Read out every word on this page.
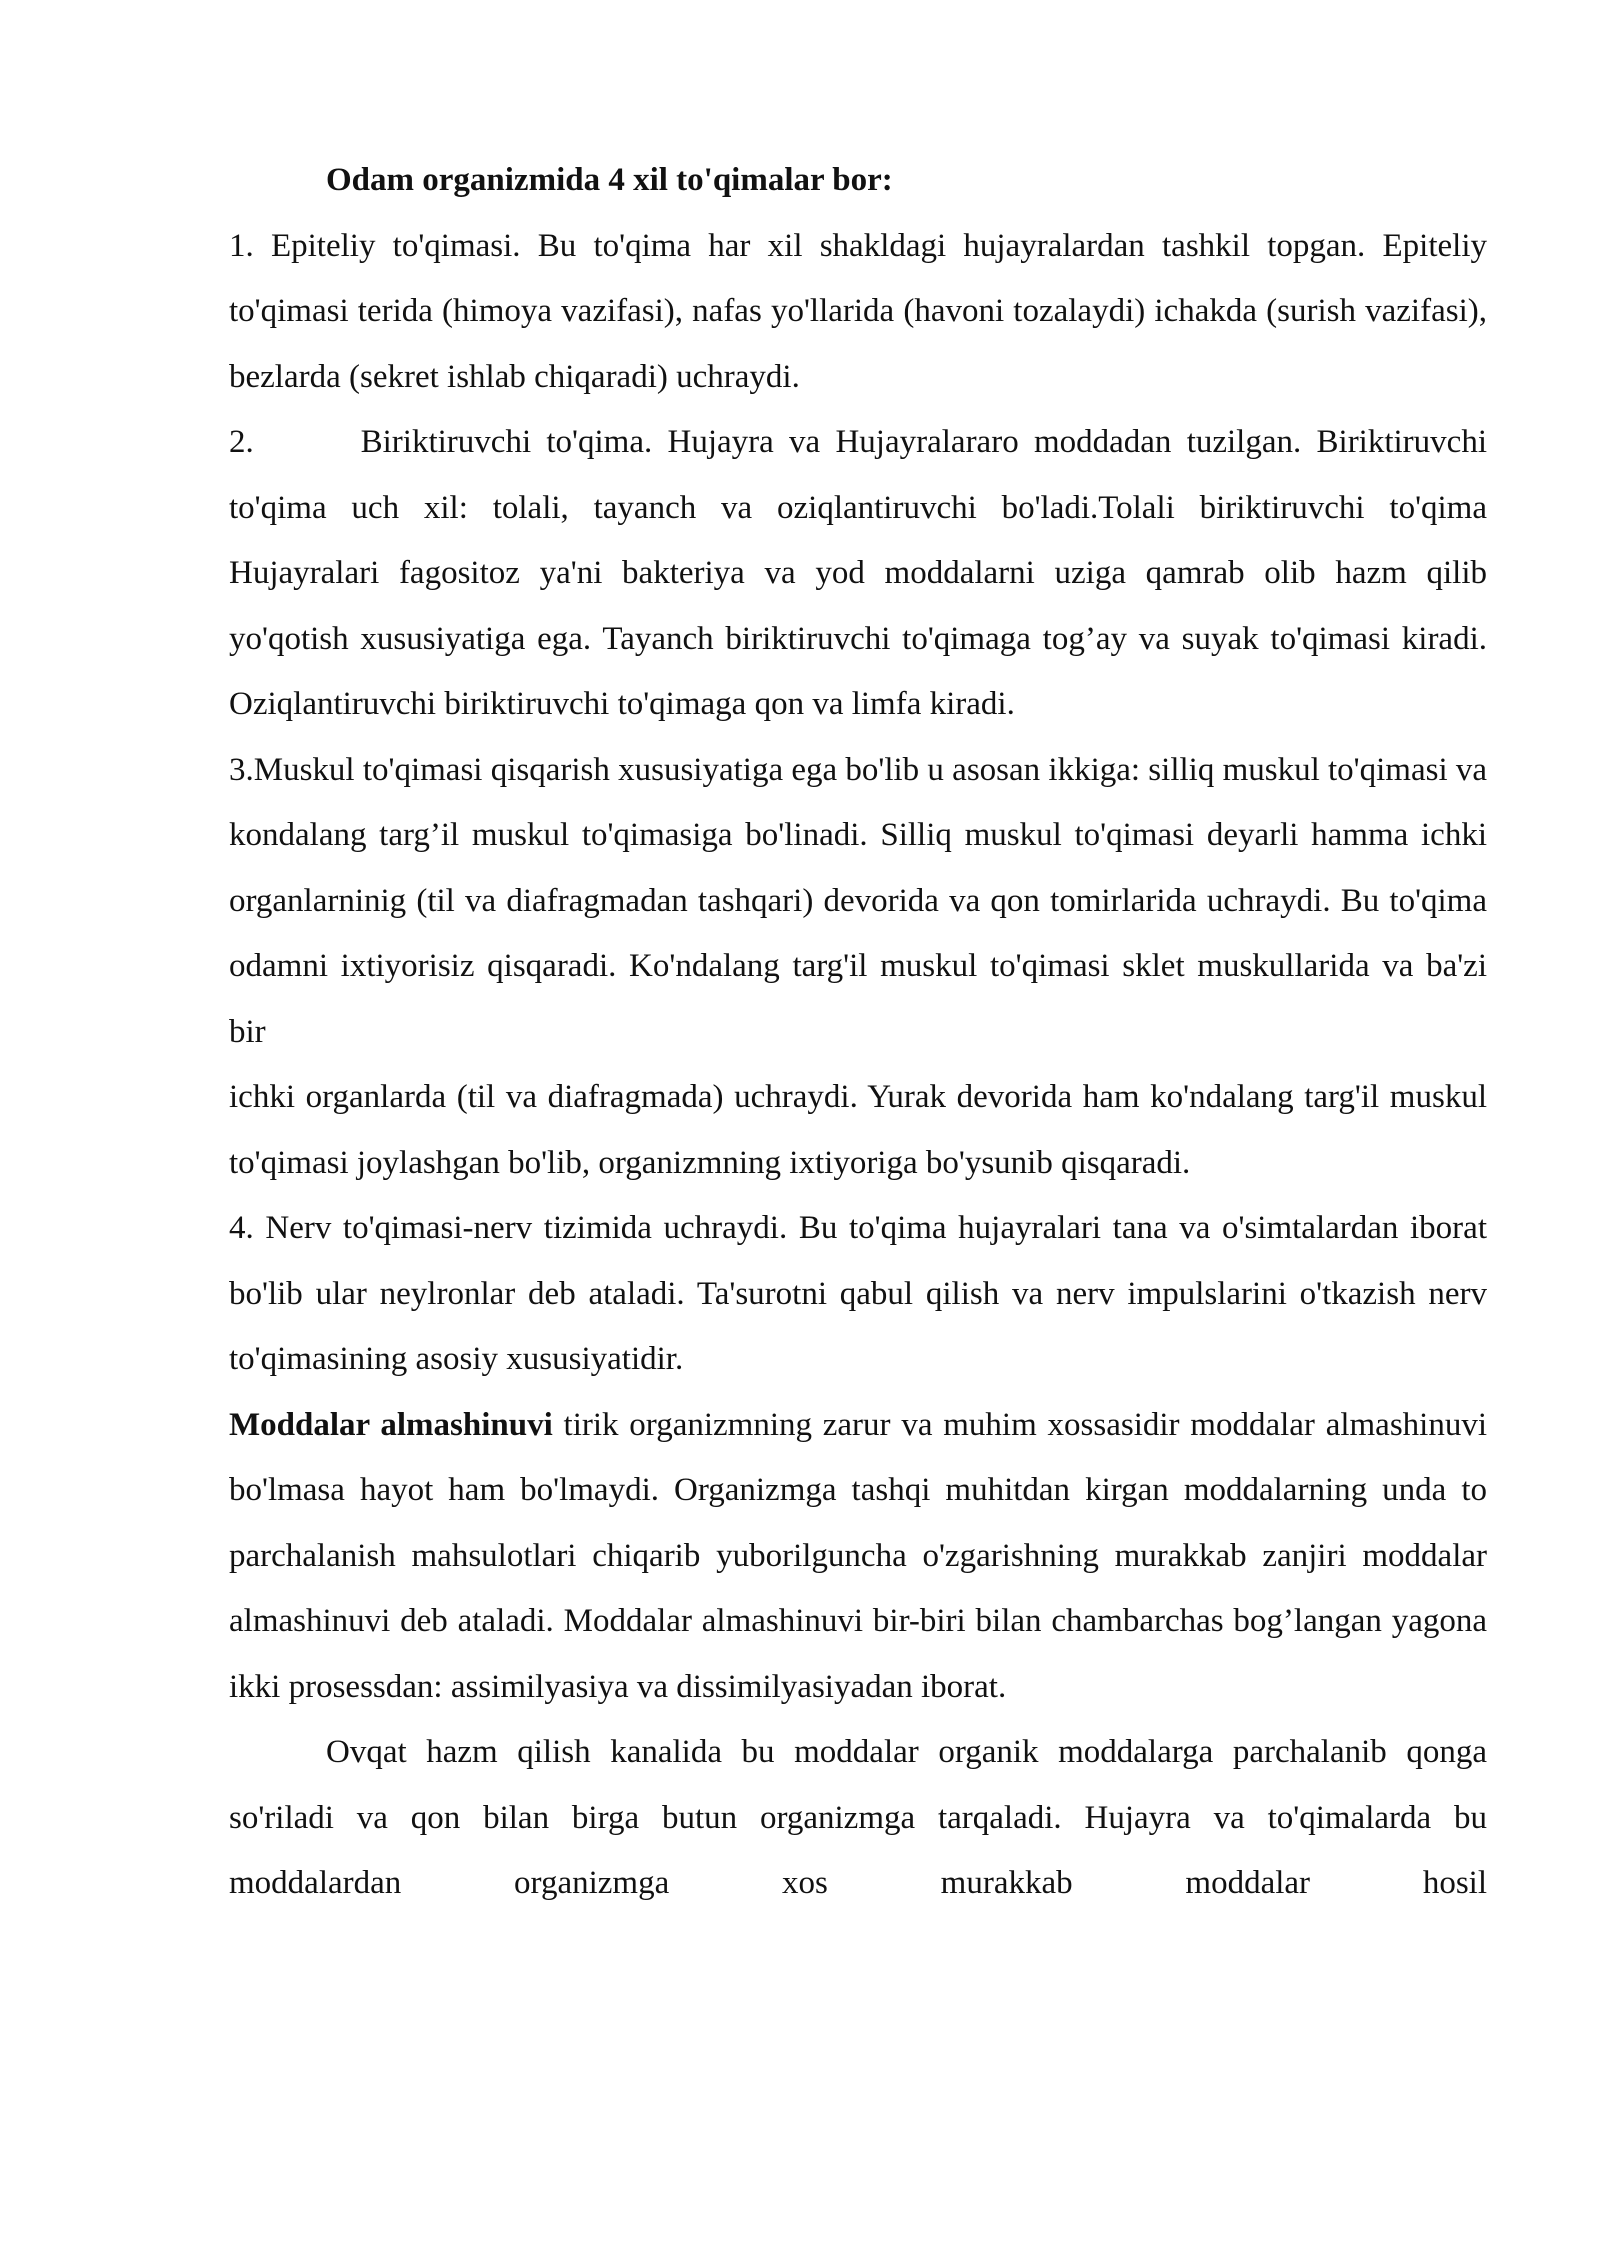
Odam organizmida 4 xil to'qimalar bor:

1. Epiteliy to'qimasi. Bu to'qima har xil shakldagi hujayralardan tashkil topgan. Epiteliy to'qimasi terida (himoya vazifasi), nafas yo'llarida (havoni tozalaydi) ichakda (surish vazifasi), bezlarda (sekret ishlab chiqaradi) uchraydi.

2.       Biriktiruvchi to'qima. Hujayra va Hujayralararo moddadan tuzilgan. Biriktiruvchi to'qima uch xil: tolali, tayanch va oziqlantiruvchi bo'ladi.Tolali biriktiruvchi to'qima Hujayralari fagositoz ya'ni bakteriya va yod moddalarni uziga qamrab olib hazm qilib yo'qotish xususiyatiga ega. Tayanch biriktiruvchi to'qimaga tog’ay va suyak to'qimasi kiradi. Oziqlantiruvchi biriktiruvchi to'qimaga qon va limfa kiradi.

3.Muskul to'qimasi qisqarish xususiyatiga ega bo'lib u asosan ikkiga: silliq muskul to'qimasi va kondalang targ’il muskul to'qimasiga bo'linadi. Silliq muskul to'qimasi deyarli hamma ichki organlarninig (til va diafragmadan tashqari) devorida va qon tomirlarida uchraydi. Bu to'qima odamni ixtiyorisiz qisqaradi. Ko'ndalang targ'il muskul to'qimasi sklet muskullarida va ba'zi bir

ichki organlarda (til va diafragmada) uchraydi. Yurak devorida ham ko'ndalang targ'il muskul to'qimasi joylashgan bo'lib, organizmning ixtiyoriga bo'ysunib qisqaradi.

4. Nerv to'qimasi-nerv tizimida uchraydi. Bu to'qima hujayralari tana va o'simtalardan iborat bo'lib ular neylronlar deb ataladi. Ta'surotni qabul qilish va nerv impulslarini o'tkazish nerv to'qimasining asosiy xususiyatidir.

Moddalar almashinuvi tirik organizmning zarur va muhim xossasidir moddalar almashinuvi bo'lmasa hayot ham bo'lmaydi. Organizmga tashqi muhitdan kirgan moddalarning unda to parchalanish mahsulotlari chiqarib yuborilguncha o'zgarishning murakkab zanjiri moddalar almashinuvi deb ataladi. Moddalar almashinuvi bir-biri bilan chambarchas bog’langan yagona ikki prosessdan: assimilyasiya va dissimilyasiyadan iborat.

Ovqat hazm qilish kanalida bu moddalar organik moddalarga parchalanib qonga so'riladi va qon bilan birga butun organizmga tarqaladi. Hujayra va to'qimalarda bu moddalardan organizmga xos murakkab moddalar hosil
